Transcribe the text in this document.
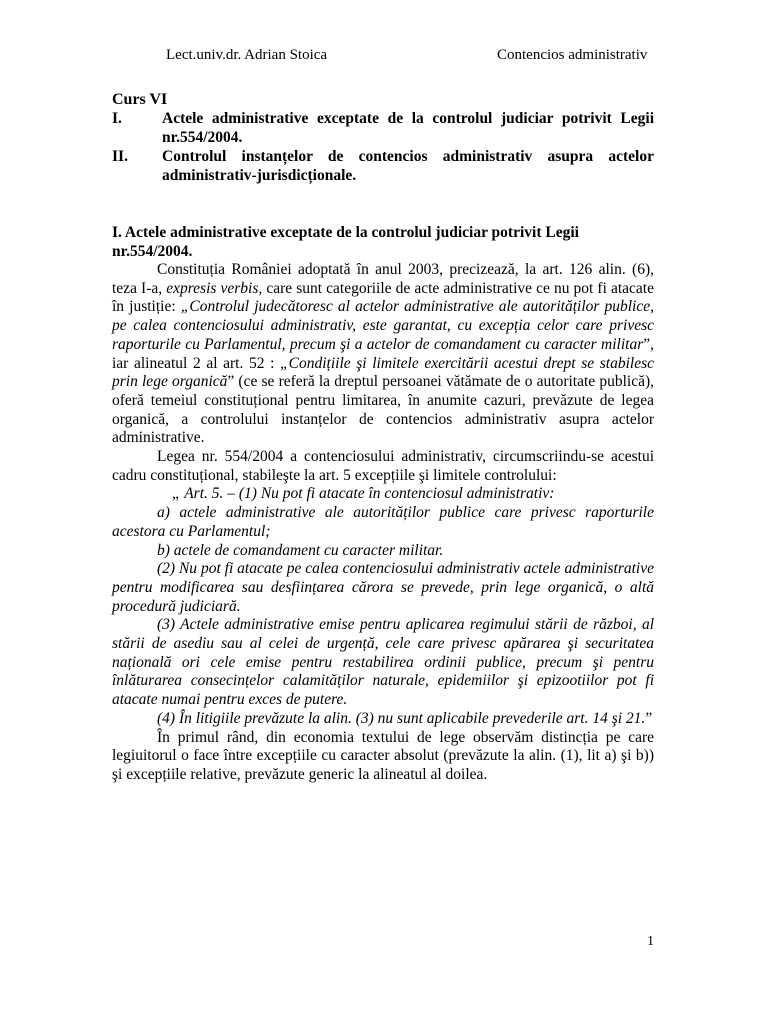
Lect.univ.dr. Adrian Stoica	Contencios administrativ

Curs VI

I.	Actele administrative exceptate de la controlul judiciar potrivit Legii nr.554/2004.
II.	Controlul instanțelor de contencios administrativ asupra actelor administrativ-jurisdicționale.

I. Actele administrative exceptate de la controlul judiciar potrivit Legii nr.554/2004.

Constituția României adoptată în anul 2003, precizează, la art. 126 alin. (6), teza I-a, expresis verbis, care sunt categoriile de acte administrative ce nu pot fi atacate în justiție: „Controlul judecătoresc al actelor administrative ale autorităților publice, pe calea contenciosului administrativ, este garantat, cu excepția celor care privesc raporturile cu Parlamentul, precum şi a actelor de comandament cu caracter militar”, iar alineatul 2 al art. 52 : „Condițiile şi limitele exercitării acestui drept se stabilesc prin lege organică” (ce se referă la dreptul persoanei vătămate de o autoritate publică), oferă temeiul constituțional pentru limitarea, în anumite cazuri, prevăzute de legea organică, a controlului instanțelor de contencios administrativ asupra actelor administrative.

Legea nr. 554/2004 a contenciosului administrativ, circumscriindu-se acestui cadru constituțional, stabileşte la art. 5 excepțiile şi limitele controlului:

„ Art. 5. – (1) Nu pot fi atacate în contenciosul administrativ:

a) actele administrative ale autorităților publice care privesc raporturile acestora cu Parlamentul;

b) actele de comandament cu caracter militar.

(2) Nu pot fi atacate pe calea contenciosului administrativ actele administrative pentru modificarea sau desființarea cărora se prevede, prin lege organică, o altă procedură judiciară.

(3) Actele administrative emise pentru aplicarea regimului stării de război, al stării de asediu sau al celei de urgență, cele care privesc apărarea şi securitatea națională ori cele emise pentru restabilirea ordinii publice, precum şi pentru înlăturarea consecințelor calamităților naturale, epidemiilor şi epizootiilor pot fi atacate numai pentru exces de putere.

(4) În litigiile prevăzute la alin. (3) nu sunt aplicabile prevederile art. 14 şi 21.”

În primul rând, din economia textului de lege observăm distincția pe care legiuitorul o face între excepțiile cu caracter absolut (prevăzute la alin. (1), lit a) şi b)) şi excepțiile relative, prevăzute generic la alineatul al doilea.

1
